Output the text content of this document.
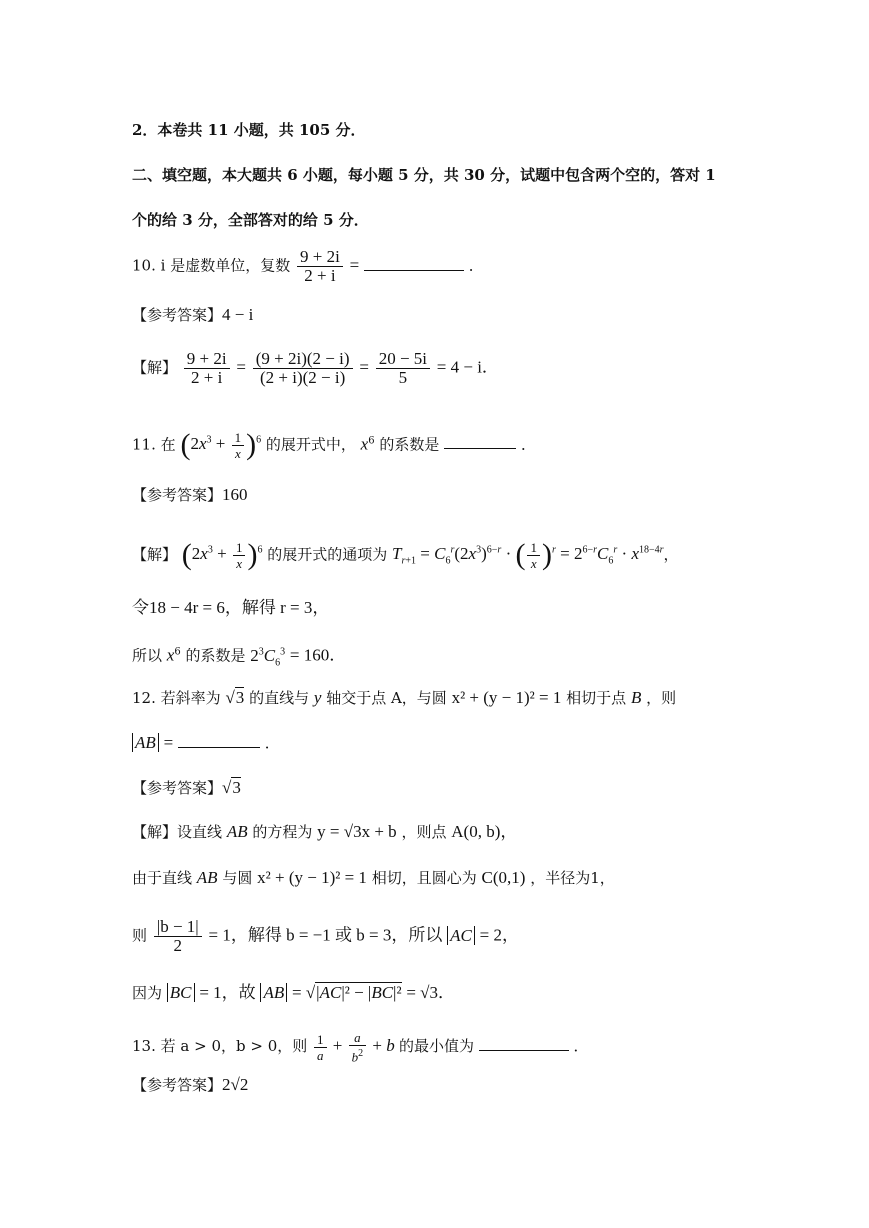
2．本卷共 11 小题，共 105 分．
二、填空题，本大题共 6 小题，每小题 5 分，共 30 分，试题中包含两个空的，答对 1
个的给 3 分，全部答对的给 5 分．
10. i 是虚数单位，复数 $\frac{9 + 2i}{2 + i}$ =	．
【参考答案】4 − i
【解】 $\frac{9 + 2i}{2 + i} = \frac{(9 + 2i)(2 - i)}{(2 + i)(2 - i)} = \frac{20 - 5i}{5} = 4 - i$．
11. 在 $(2x^3 + \frac{1}{x} )^6$ 的展开式中， $x^6$ 的系数是	．
【参考答案】160
【解】 $(2x^3 + \frac{1}{x} )^6$ 的展开式的通项为 $T_{r+1} = C_6^r(2x^3)^{6-r}$ · ( $\frac{1}{x} )^r = 2^{6-r}C_6^r \cdot x^{18-4r}$，
令18 − 4r = 6，解得 r = 3，
所以 $x^6$ 的系数是 $2^3C_6^3 = 160$．
12. 若斜率为 √3 的直线与 y 轴交于点 A，与圆 x² + (y − 1)² = 1 相切于点 B ，则
AB =	．
【参考答案】√3
【解】设直线 AB 的方程为 y = √3x + b ，则点 A(0, b)，
由于直线 AB 与圆 x² + (y − 1)² = 1 相切，且圆心为 C(0,1) ，半径为1，
则 $\frac{|b - 1|}{2} = 1$，解得 b = −1 或 b = 3，所以 AC = 2，
因为 BC = 1，故 AB = √|AC|² − |BC|² = √3．
13. 若 a > 0，b > 0，则 $\frac{1}{a} + \frac{a}{b^2} + b$ 的最小值为	．
【参考答案】2√2
